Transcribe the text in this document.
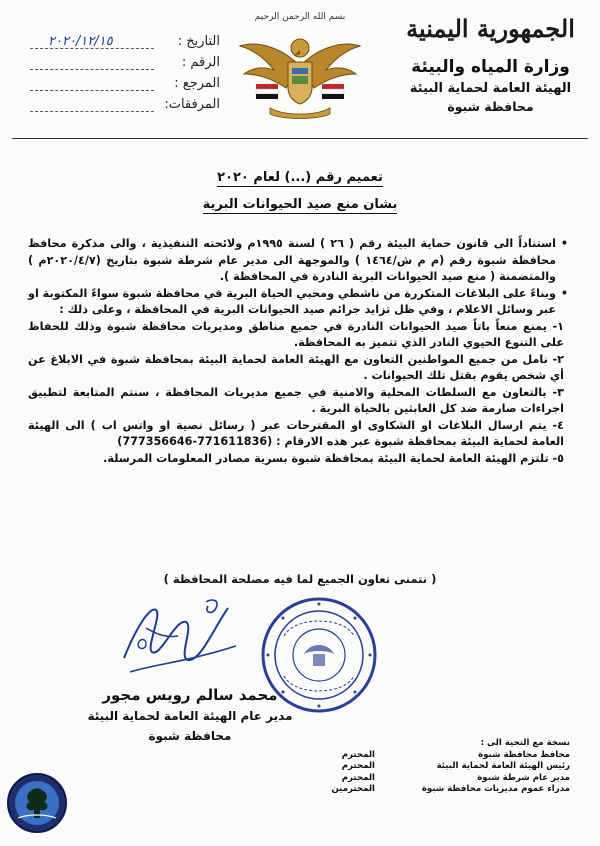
الجمهورية اليمنية
وزارة المياه والبيئة
الهيئة العامة لحماية البيئة
محافظة شبوة
بسم الله الرحمن الرحيم
التاريخ :
٢٠٢٠/١٢/١٥
الرقم :
المرجع :
المرفقات:
تعميم رقم (...) لعام ٢٠٢٠
بشان منع صيد الحيوانات البرية

• استناداً الى قانون حماية البيئة رقم ( ٢٦ ) لسنة ١٩٩٥م ولائحته التنفيذية ، والى مذكرة محافظ محافظة شبوة رقم (م م ش/١٤٦٤ ) والموجهة الى مدير عام شرطة شبوة بتاريخ (٢٠٢٠/٤/٧م ) والمتضمنة ( منع صيد الحيوانات البرية النادرة في المحافظة ).

• وبناءً على البلاغات المتكررة من ناشطي ومحبي الحياة البرية في محافظة شبوة سواءً المكتوبة او عبر وسائل الاعلام ، وفي ظل تزايد جرائم صيد الحيوانات البرية في المحافظة ، وعلى ذلك :

١- يمنع منعاً باتاً صيد الحيوانات النادرة في جميع مناطق ومديريات محافظة شبوة وذلك للحفاظ على التنوع الحيوي النادر الذي تتميز به المحافظة.

٢- نامل من جميع المواطنين التعاون مع الهيئة العامة لحماية البيئة بمحافظة شبوة في الابلاغ عن أي شخص يقوم بقتل تلك الحيوانات .

٣- بالتعاون مع السلطات المحلية والامنية في جميع مديريات المحافظة ، سنتم المتابعة لتطبيق اجراءات صارمة ضد كل العابثين بالحياة البرية .

٤- يتم ارسال البلاغات او الشكاوى او المقترحات عبر ( رسائل نصية او واتس اب ) الى الهيئة العامة لحماية البيئة بمحافظة شبوة عبر هذه الارقام : (771611836-777356646)

٥- تلتزم الهيئة العامة لحماية البيئة بمحافظة شبوة بسرية مصادر المعلومات المرسلة.

( نتمنى تعاون الجميع لما فيه مصلحة المحافظة )
محمد سالم رويس مجور
مدير عام الهيئة العامة لحماية البيئة
محافظة شبوة	نسخة مع التحية الى :
محافظ محافظة شبوة
المحترم
رئيس الهيئة العامة لحماية البيئة
المحترم
مدير عام شرطة شبوة
المحترم
مدراء عموم مديريات محافظة شبوة
المحترمين
